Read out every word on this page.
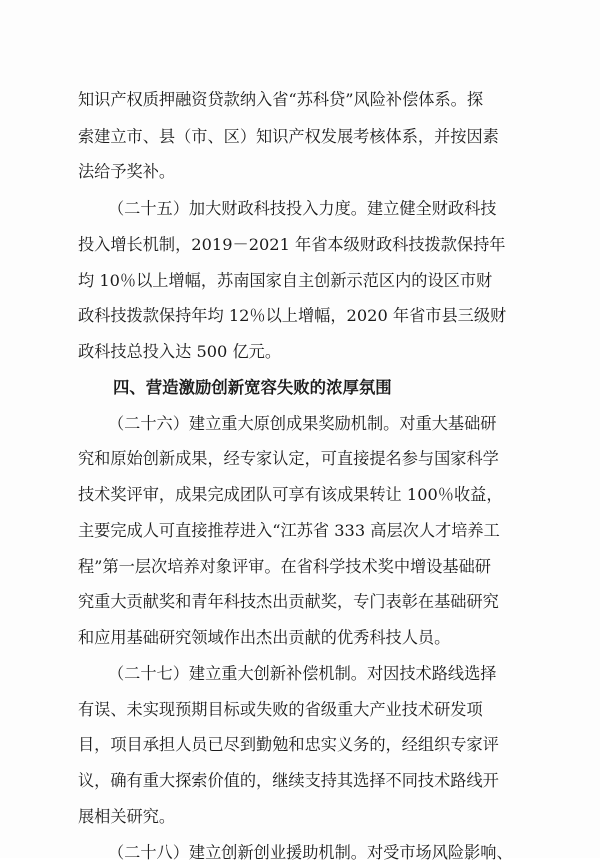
知识产权质押融资贷款纳入省“苏科贷”风险补偿体系。探
索建立市、县（市、区）知识产权发展考核体系，并按因素
法给予奖补。
（二十五）加大财政科技投入力度。建立健全财政科技
投入增长机制，2019－2021 年省本级财政科技拨款保持年
均 10％以上增幅，苏南国家自主创新示范区内的设区市财
政科技拨款保持年均 12％以上增幅，2020 年省市县三级财
政科技总投入达 500 亿元。
四、营造激励创新宽容失败的浓厚氛围
（二十六）建立重大原创成果奖励机制。对重大基础研
究和原始创新成果，经专家认定，可直接提名参与国家科学
技术奖评审，成果完成团队可享有该成果转让 100％收益，
主要完成人可直接推荐进入“江苏省 333 高层次人才培养工
程”第一层次培养对象评审。在省科学技术奖中增设基础研
究重大贡献奖和青年科技杰出贡献奖，专门表彰在基础研究
和应用基础研究领域作出杰出贡献的优秀科技人员。
（二十七）建立重大创新补偿机制。对因技术路线选择
有误、未实现预期目标或失败的省级重大产业技术研发项
目，项目承担人员已尽到勤勉和忠实义务的，经组织专家评
议，确有重大探索价值的，继续支持其选择不同技术路线开
展相关研究。
（二十八）建立创新创业援助机制。对受市场风险影响、
